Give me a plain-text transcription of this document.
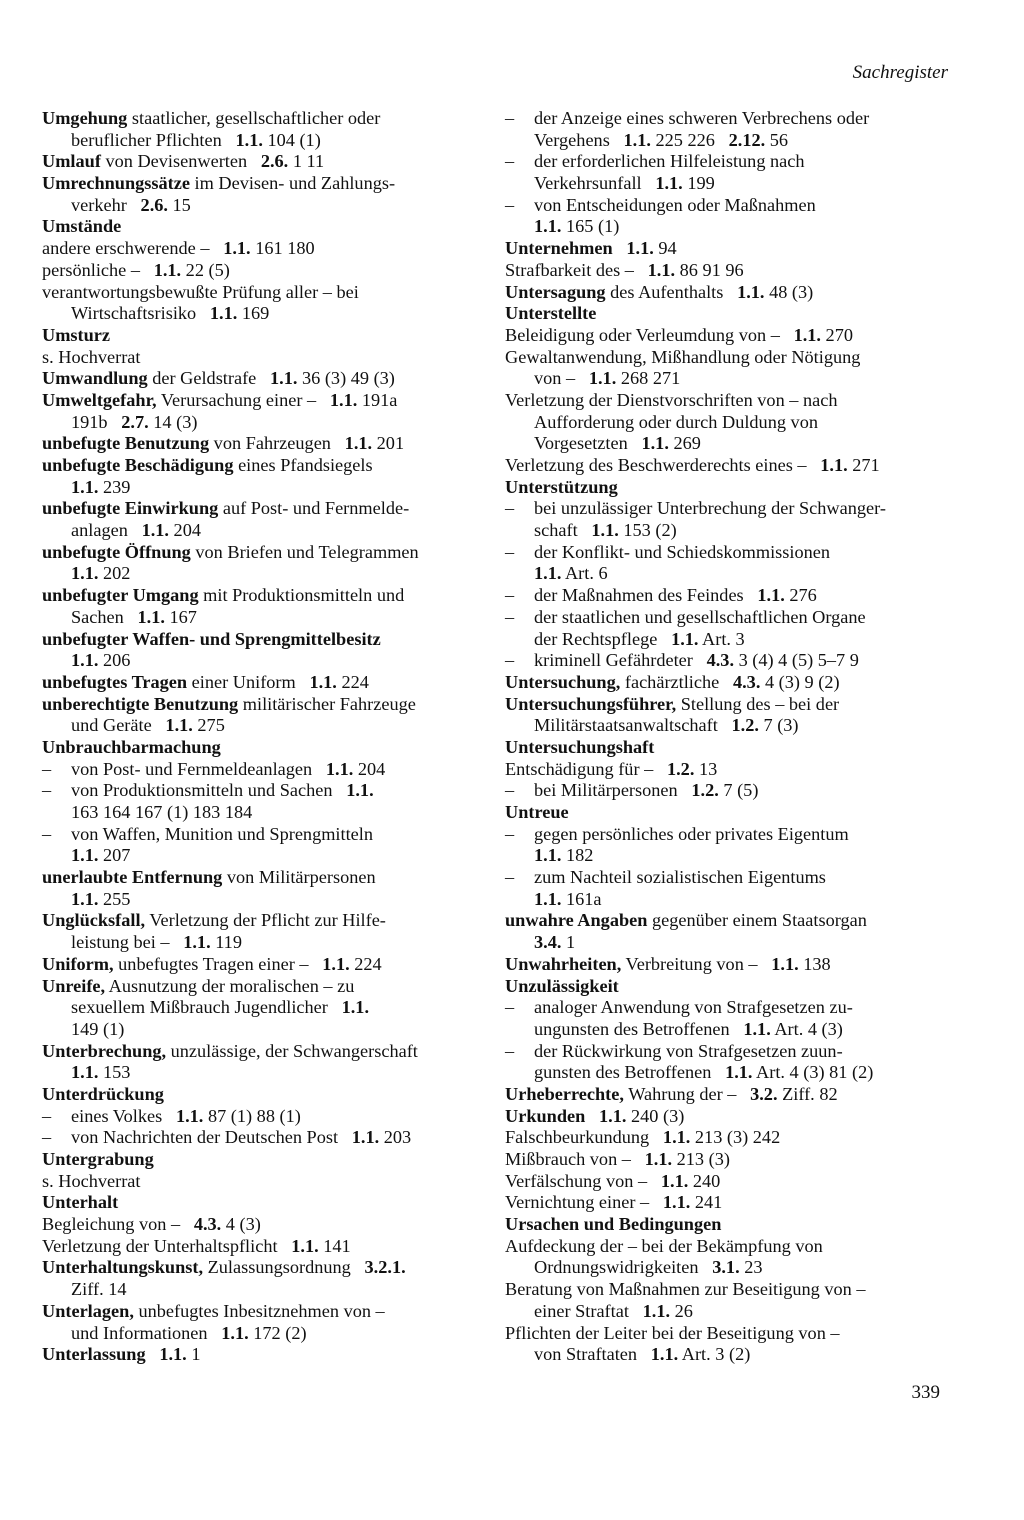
Sachregister
Umgehung staatlicher, gesellschaftlicher oder
beruflicher Pflichten   1.1. 104 (1)
Umlauf von Devisenwerten   2.6. 1 11
Umrechnungssätze im Devisen- und Zahlungs-
verkehr   2.6. 15
Umstände
andere erschwerende –   1.1. 161 180
persönliche –   1.1. 22 (5)
verantwortungsbewußte Prüfung aller – bei
Wirtschaftsrisiko   1.1. 169
Umsturz
s. Hochverrat
Umwandlung der Geldstrafe   1.1. 36 (3) 49 (3)
Umweltgefahr, Verursachung einer –   1.1. 191a
191b   2.7. 14 (3)
unbefugte Benutzung von Fahrzeugen   1.1. 201
unbefugte Beschädigung eines Pfandsiegels
1.1. 239
unbefugte Einwirkung auf Post- und Fernmelde-
anlagen   1.1. 204
unbefugte Öffnung von Briefen und Telegrammen
1.1. 202
unbefugter Umgang mit Produktionsmitteln und
Sachen   1.1. 167
unbefugter Waffen- und Sprengmittelbesitz
1.1. 206
unbefugtes Tragen einer Uniform   1.1. 224
unberechtigte Benutzung militärischer Fahrzeuge
und Geräte   1.1. 275
Unbrauchbarmachung
– von Post- und Fernmeldeanlagen   1.1. 204
– von Produktionsmitteln und Sachen   1.1.
163 164 167 (1) 183 184
– von Waffen, Munition und Sprengmitteln
1.1. 207
unerlaubte Entfernung von Militärpersonen
1.1. 255
Unglücksfall, Verletzung der Pflicht zur Hilfe-
leistung bei –   1.1. 119
Uniform, unbefugtes Tragen einer –   1.1. 224
Unreife, Ausnutzung der moralischen – zu
sexuellem Mißbrauch Jugendlicher   1.1.
149 (1)
Unterbrechung, unzulässige, der Schwangerschaft
1.1. 153
Unterdrückung
– eines Volkes   1.1. 87 (1) 88 (1)
– von Nachrichten der Deutschen Post   1.1. 203
Untergrabung
s. Hochverrat
Unterhalt
Begleichung von –   4.3. 4 (3)
Verletzung der Unterhaltspflicht   1.1. 141
Unterhaltungskunst, Zulassungsordnung   3.2.1.
Ziff. 14
Unterlagen, unbefugtes Inbesitznehmen von –
und Informationen   1.1. 172 (2)
Unterlassung 1.1. 1
– der Anzeige eines schweren Verbrechens oder
Vergehens   1.1. 225 226   2.12. 56
– der erforderlichen Hilfeleistung nach
Verkehrsunfall   1.1. 199
– von Entscheidungen oder Maßnahmen
1.1. 165 (1)
Unternehmen 1.1. 94
Strafbarkeit des –   1.1. 86 91 96
Untersagung des Aufenthalts   1.1. 48 (3)
Unterstellte
Beleidigung oder Verleumdung von –   1.1. 270
Gewaltanwendung, Mißhandlung oder Nötigung
von –   1.1. 268 271
Verletzung der Dienstvorschriften von – nach
Aufforderung oder durch Duldung von
Vorgesetzten   1.1. 269
Verletzung des Beschwerderechts eines –   1.1. 271
Unterstützung
– bei unzulässiger Unterbrechung der Schwanger-
schaft   1.1. 153 (2)
– der Konflikt- und Schiedskommissionen
1.1. Art. 6
– der Maßnahmen des Feindes   1.1. 276
– der staatlichen und gesellschaftlichen Organe
der Rechtspflege   1.1. Art. 3
– kriminell Gefährdeter   4.3. 3 (4) 4 (5) 5–7 9
Untersuchung, fachärztliche   4.3. 4 (3) 9 (2)
Untersuchungsführer, Stellung des – bei der
Militärstaatsanwaltschaft   1.2. 7 (3)
Untersuchungshaft
Entschädigung für –   1.2. 13
– bei Militärpersonen   1.2. 7 (5)
Untreue
– gegen persönliches oder privates Eigentum
1.1. 182
– zum Nachteil sozialistischen Eigentums
1.1. 161a
unwahre Angaben gegenüber einem Staatsorgan
3.4. 1
Unwahrheiten, Verbreitung von –   1.1. 138
Unzulässigkeit
– analoger Anwendung von Strafgesetzen zu-
ungunsten des Betroffenen   1.1. Art. 4 (3)
– der Rückwirkung von Strafgesetzen zuun-
gunsten des Betroffenen   1.1. Art. 4 (3) 81 (2)
Urheberrechte, Wahrung der –   3.2. Ziff. 82
Urkunden 1.1. 240 (3)
Falschbeurkundung   1.1. 213 (3) 242
Mißbrauch von –   1.1. 213 (3)
Verfälschung von –   1.1. 240
Vernichtung einer –   1.1. 241
Ursachen und Bedingungen
Aufdeckung der – bei der Bekämpfung von
Ordnungswidrigkeiten   3.1. 23
Beratung von Maßnahmen zur Beseitigung von –
einer Straftat   1.1. 26
Pflichten der Leiter bei der Beseitigung von –
von Straftaten   1.1. Art. 3 (2)
339
